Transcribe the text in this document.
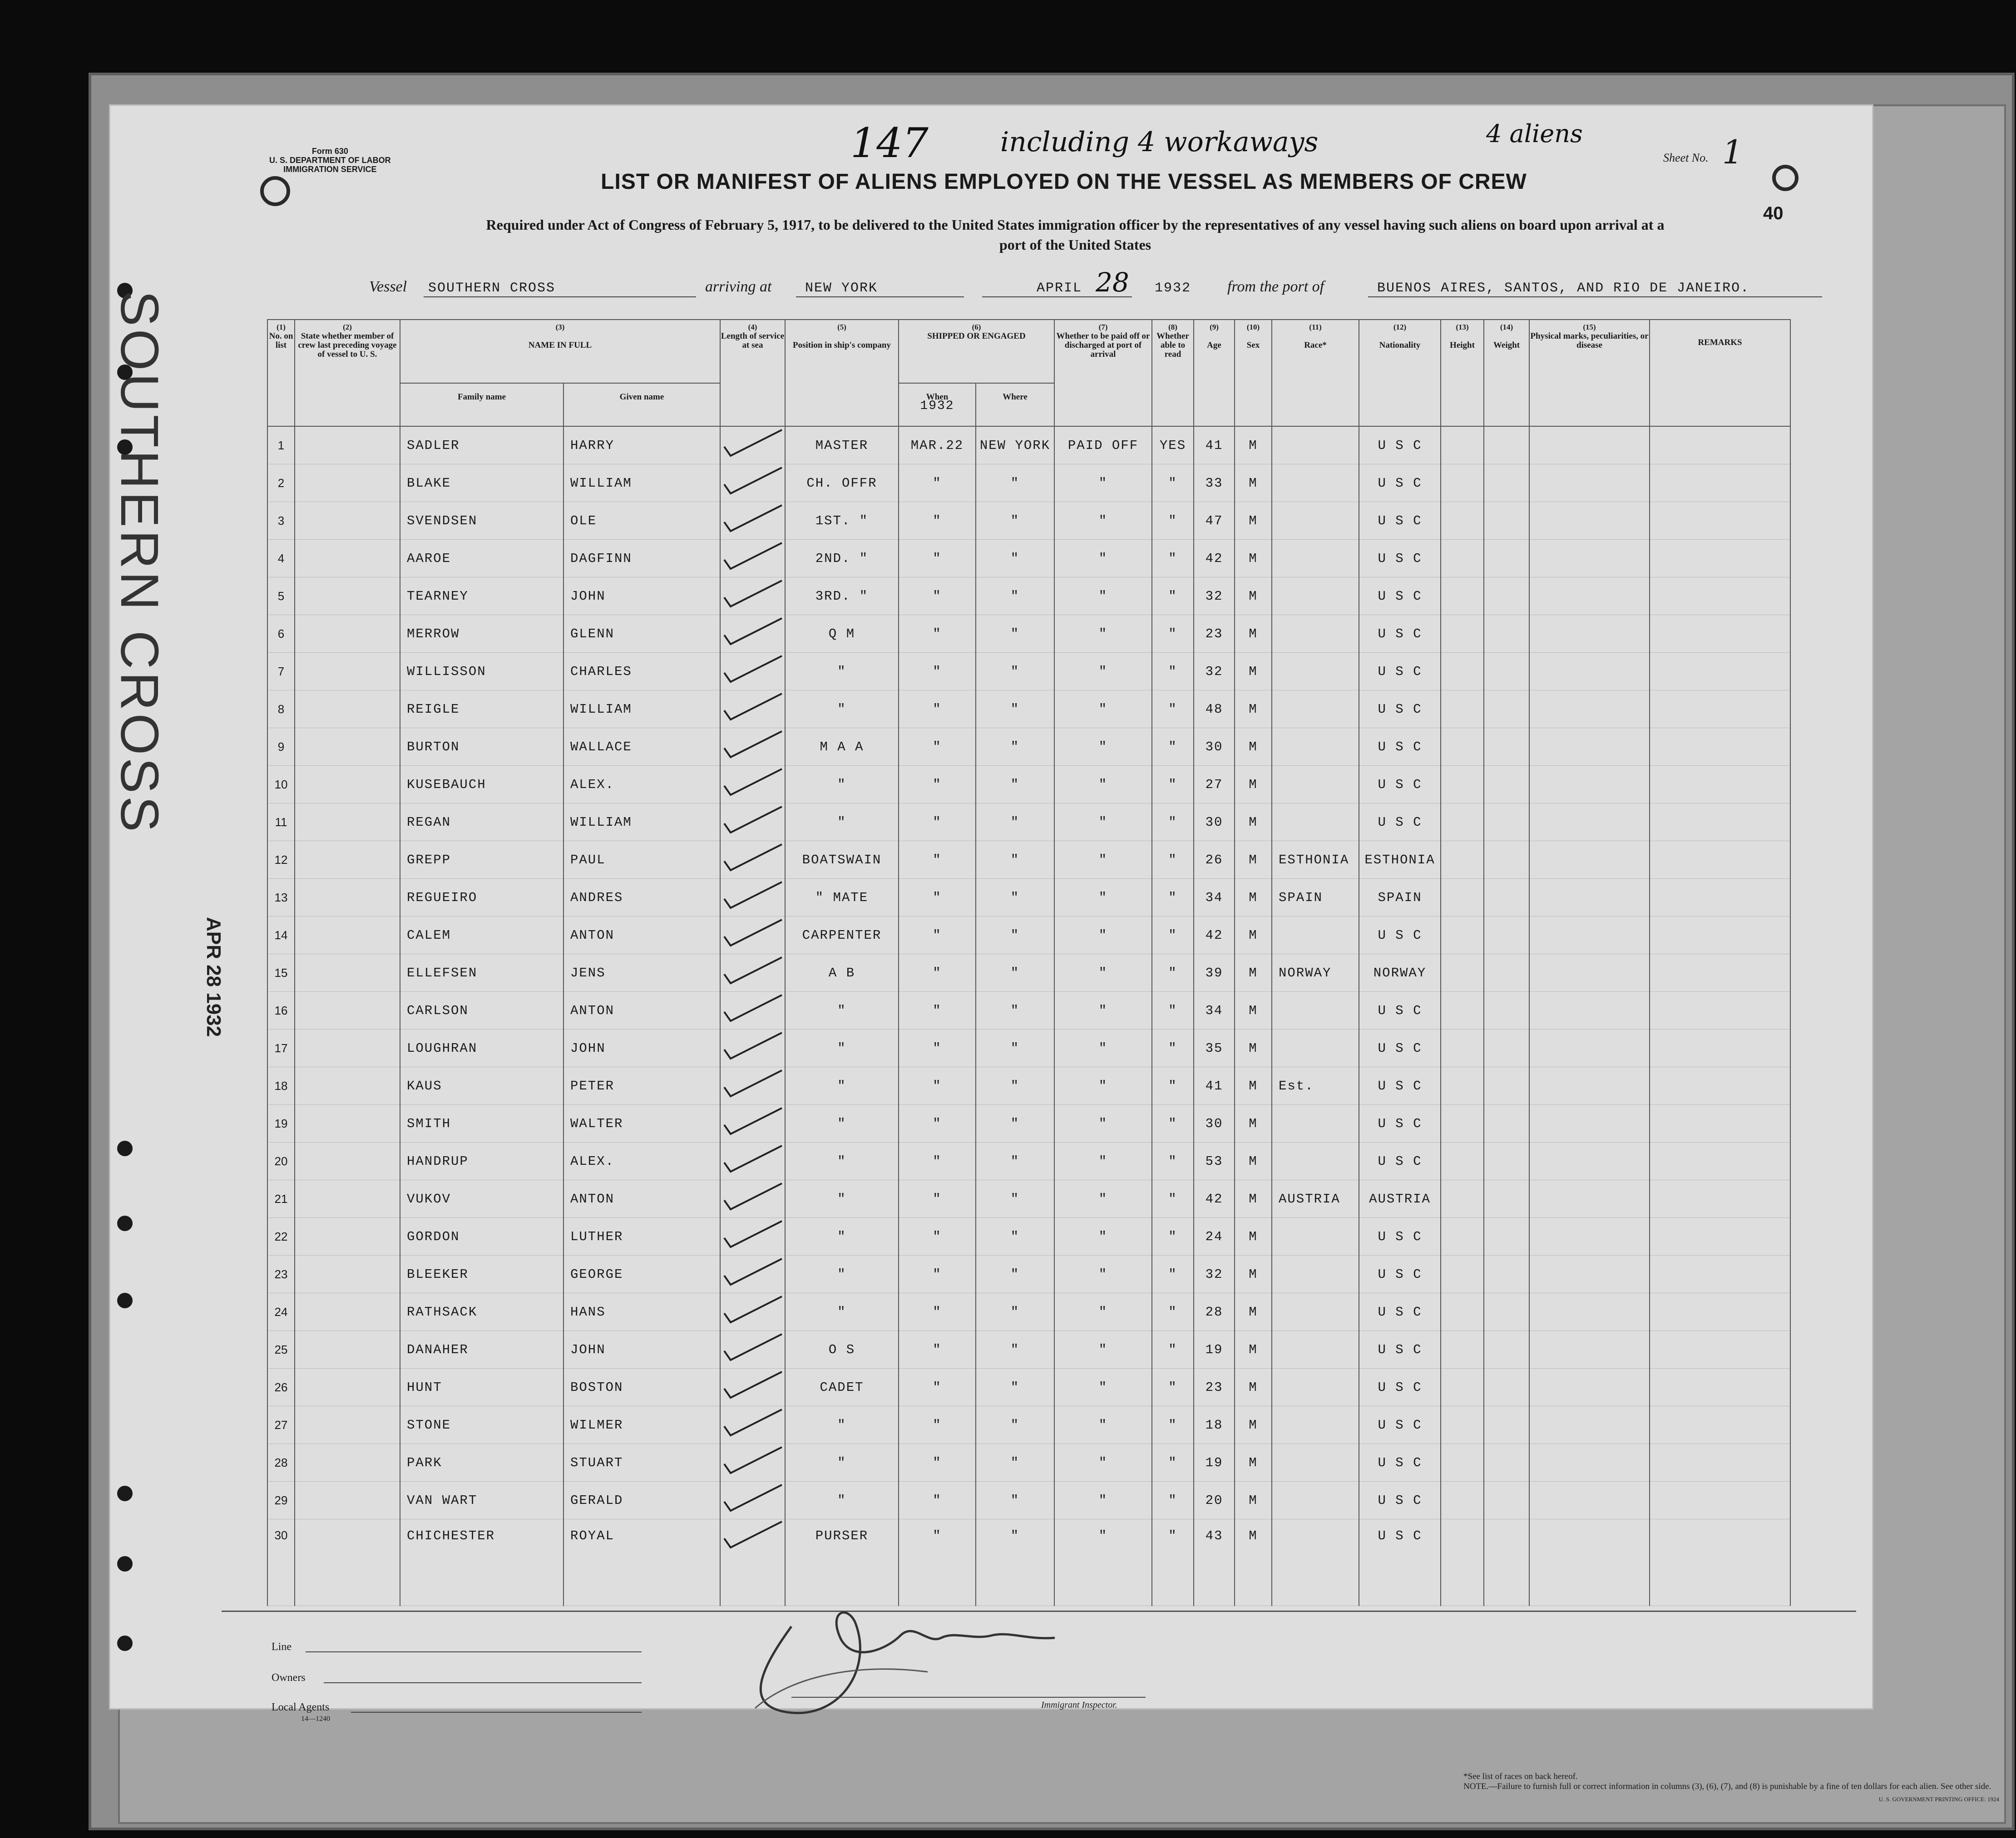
Form 630
U. S. DEPARTMENT OF LABOR
IMMIGRATION SERVICE
147	including 4 workaways	4 aliens
Sheet No. 1
LIST OR MANIFEST OF ALIENS EMPLOYED ON THE VESSEL AS MEMBERS OF CREW
40
Required under Act of Congress of February 5, 1917, to be delivered to the United States immigration officer by the representatives of any vessel having such aliens on board upon arrival at a
port of the United States
Vessel SOUTHERN CROSS	arriving at NEW YORK	APRIL 28 1932 from the port of	BUENOS AIRES, SANTOS, AND RIO DE JANEIRO.
(1)
No. on list	(2)
State whether member of crew last preceding voyage of vessel to U. S.	(3)

NAME IN FULL		(4)
Length of service at sea	(5)

Position in ship's company	(6)
SHIPPED OR ENGAGED		(7)
Whether to be paid off or discharged at port of arrival	(8)
Whether able to read	(9)

Age	(10)

Sex	(11)

Race*	(12)

Nationality	(13)

Height	(14)

Weight	(15)
Physical marks, peculiarities, or disease	REMARKS

Family name	Given name			When
1932	Where										
1		SADLER	HARRY		MASTER	MAR.22	NEW YORK	PAID OFF	YES	41	M		U S C				
2		BLAKE	WILLIAM		CH. OFFR	"	"	"	"	33	M		U S C				
3		SVENDSEN	OLE		1ST. "	"	"	"	"	47	M		U S C				
4		AAROE	DAGFINN		2ND. "	"	"	"	"	42	M		U S C				
5		TEARNEY	JOHN		3RD. "	"	"	"	"	32	M		U S C				
6		MERROW	GLENN		Q M	"	"	"	"	23	M		U S C				
7		WILLISSON	CHARLES		"	"	"	"	"	32	M		U S C				
8		REIGLE	WILLIAM		"	"	"	"	"	48	M		U S C				
9		BURTON	WALLACE		M A A	"	"	"	"	30	M		U S C				
10		KUSEBAUCH	ALEX.		"	"	"	"	"	27	M		U S C				
11		REGAN	WILLIAM		"	"	"	"	"	30	M		U S C				
12		GREPP	PAUL		BOATSWAIN	"	"	"	"	26	M	ESTHONIA	ESTHONIA				
13		REGUEIRO	ANDRES		" MATE	"	"	"	"	34	M	SPAIN	SPAIN				
14		CALEM	ANTON		CARPENTER	"	"	"	"	42	M		U S C				
15		ELLEFSEN	JENS		A B	"	"	"	"	39	M	NORWAY	NORWAY				
16		CARLSON	ANTON		"	"	"	"	"	34	M		U S C				
17		LOUGHRAN	JOHN		"	"	"	"	"	35	M		U S C				
18		KAUS	PETER		"	"	"	"	"	41	M	Est.	U S C				
19		SMITH	WALTER		"	"	"	"	"	30	M		U S C				
20		HANDRUP	ALEX.		"	"	"	"	"	53	M		U S C				
21		VUKOV	ANTON		"	"	"	"	"	42	M	AUSTRIA	AUSTRIA				
22		GORDON	LUTHER		"	"	"	"	"	24	M		U S C				
23		BLEEKER	GEORGE		"	"	"	"	"	32	M		U S C				
24		RATHSACK	HANS		"	"	"	"	"	28	M		U S C				
25		DANAHER	JOHN		O S	"	"	"	"	19	M		U S C				
26		HUNT	BOSTON		CADET	"	"	"	"	23	M		U S C				
27		STONE	WILMER		"	"	"	"	"	18	M		U S C				
28		PARK	STUART		"	"	"	"	"	19	M		U S C				
29		VAN WART	GERALD		"	"	"	"	"	20	M		U S C				
30		CHICHESTER	ROYAL		PURSER	"	"	"	"	43	M		U S C				
Line
Owners
Local Agents
14—1240
Immigrant Inspector.
*See list of races on back hereof.
NOTE.—Failure to furnish full or correct information in columns (3), (6), (7), and (8) is punishable by a fine of ten dollars for each alien. See other side.
U. S. GOVERNMENT PRINTING OFFICE: 1924
SOUTHERN CROSS
APR 28 1932
